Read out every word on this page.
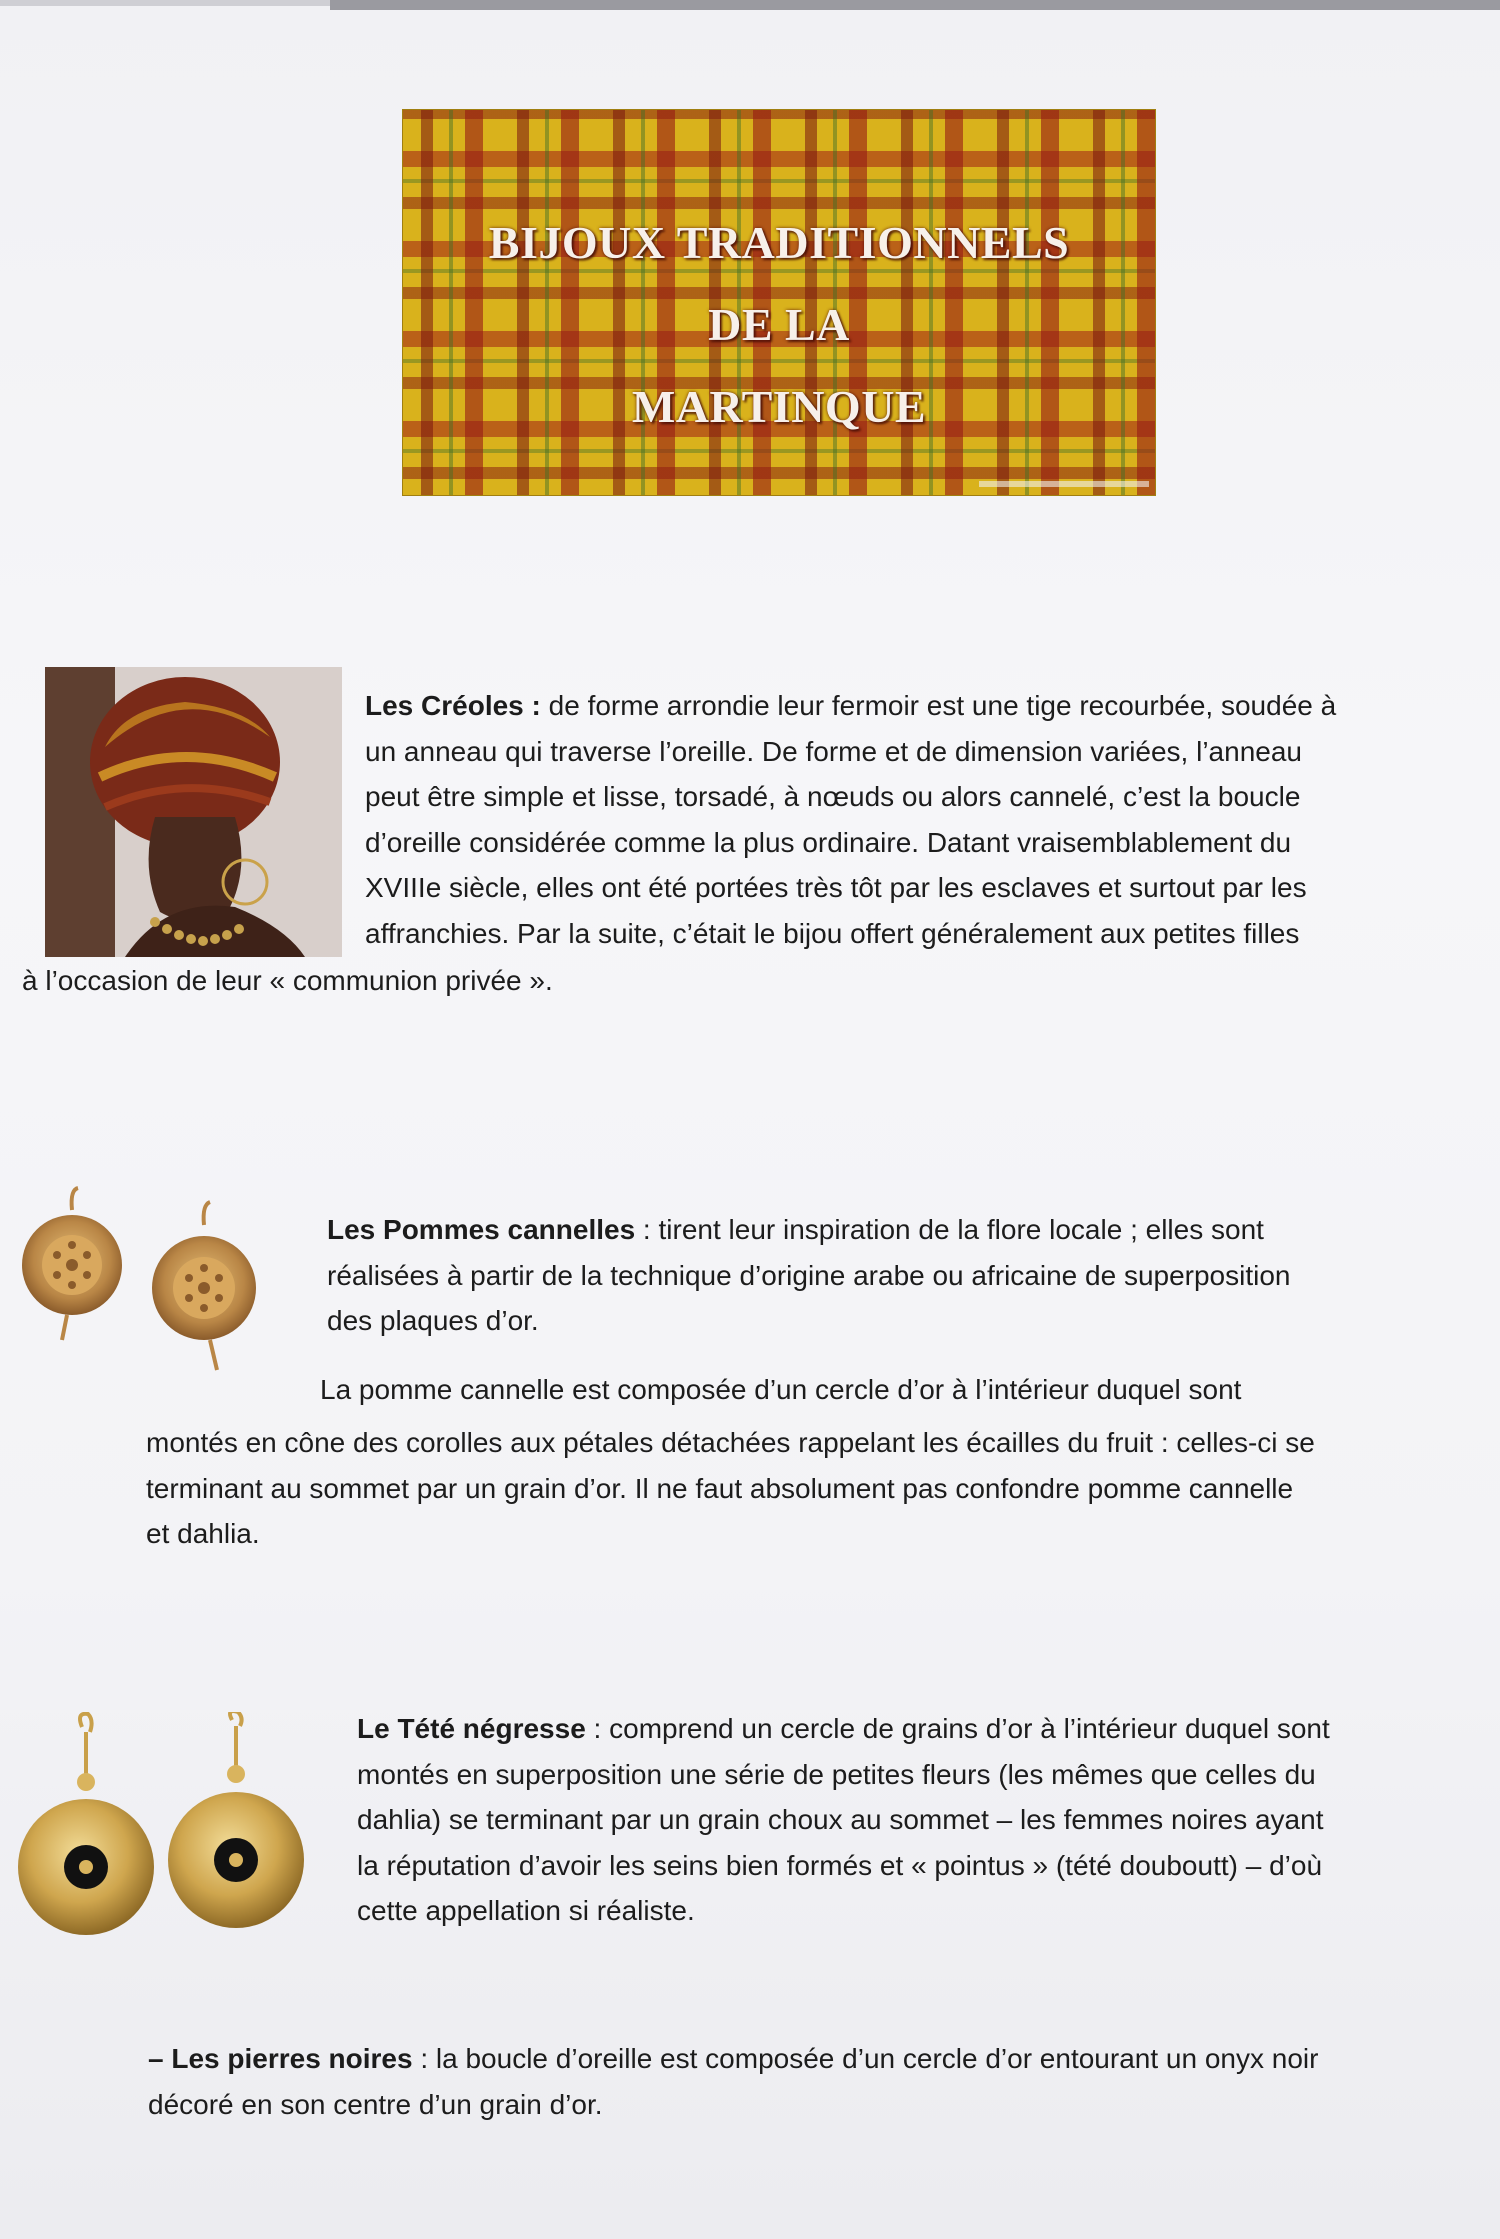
BIJOUX TRADITIONNELS
DE LA
MARTINQUE
Les Créoles : de forme arrondie leur fermoir est une tige recourbée, soudée à
un anneau qui traverse l’oreille. De forme et de dimension variées, l’anneau
peut être simple et lisse, torsadé, à nœuds ou alors cannelé, c’est la boucle
d’oreille considérée comme la plus ordinaire. Datant vraisemblablement du
XVIIIe siècle, elles ont été portées très tôt par les esclaves et surtout par les
affranchies. Par la suite, c’était le bijou offert généralement aux petites filles
à l’occasion de leur « communion privée ».
Les Pommes cannelles : tirent leur inspiration de la flore locale ; elles sont
réalisées à partir de la technique d’origine arabe ou africaine de superposition
des plaques d’or.
La pomme cannelle est composée d’un cercle d’or à l’intérieur duquel sont
montés en cône des corolles aux pétales détachées rappelant les écailles du fruit : celles-ci se
terminant au sommet par un grain d’or. Il ne faut absolument pas confondre pomme cannelle
et dahlia.
Le Tété négresse : comprend un cercle de grains d’or à l’intérieur duquel sont
montés en superposition une série de petites fleurs (les mêmes que celles du
dahlia) se terminant par un grain choux au sommet – les femmes noires ayant
la réputation d’avoir les seins bien formés et « pointus » (tété douboutt) – d’où
cette appellation si réaliste.
– Les pierres noires : la boucle d’oreille est composée d’un cercle d’or entourant un onyx noir
décoré en son centre d’un grain d’or.
